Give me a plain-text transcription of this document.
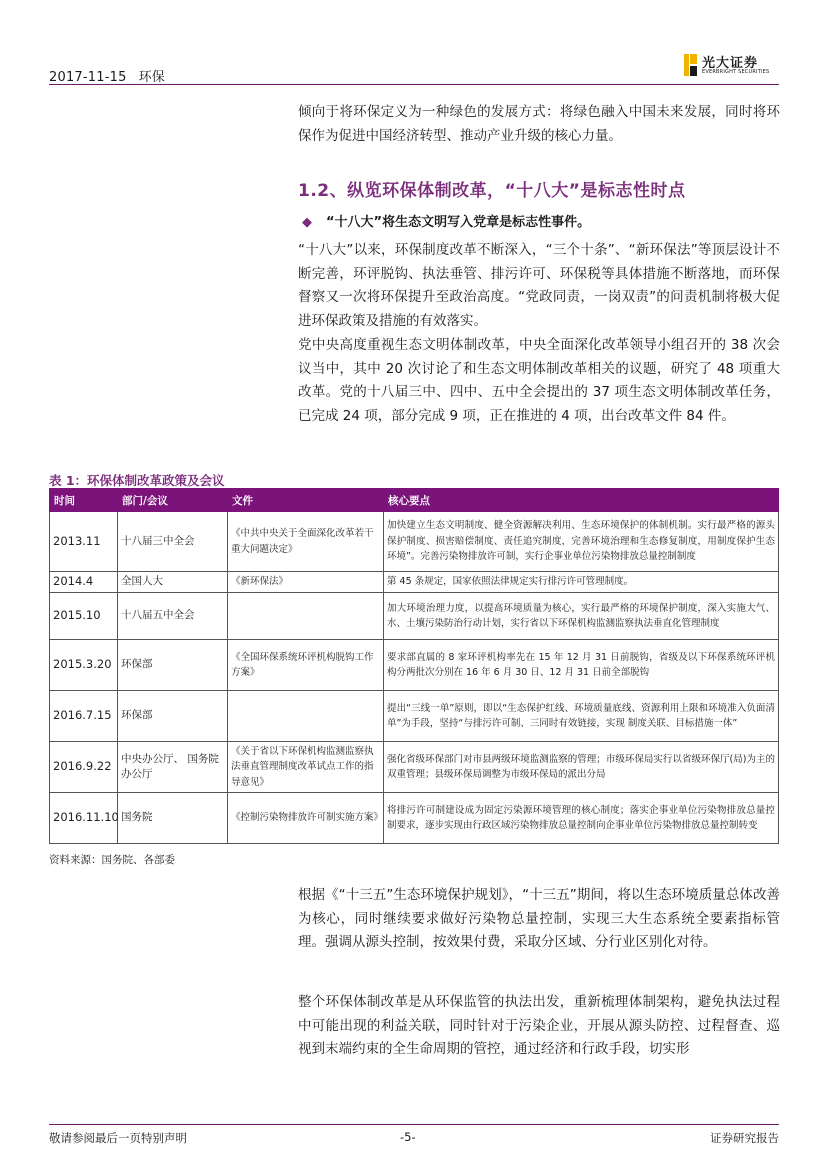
2017-11-15 环保
光大证券
EVERBRIGHT SECURITIES
倾向于将环保定义为一种绿色的发展方式：将绿色融入中国未来发展，同时将环保作为促进中国经济转型、推动产业升级的核心力量。
1.2、纵览环保体制改革，“十八大”是标志性时点
◆ “十八大”将生态文明写入党章是标志性事件。
“十八大”以来，环保制度改革不断深入，“三个十条”、“新环保法”等顶层设计不断完善，环评脱钩、执法垂管、排污许可、环保税等具体措施不断落地，而环保督察又一次将环保提升至政治高度。“党政同责，一岗双责”的问责机制将极大促进环保政策及措施的有效落实。
党中央高度重视生态文明体制改革，中央全面深化改革领导小组召开的 38 次会议当中，其中 20 次讨论了和生态文明体制改革相关的议题，研究了 48 项重大改革。党的十八届三中、四中、五中全会提出的 37 项生态文明体制改革任务，已完成 24 项，部分完成 9 项，正在推进的 4 项，出台改革文件 84 件。
表 1：环保体制改革政策及会议
时间	部门/会议	文件	核心要点
2013.11	十八届三中全会	《中共中央关于全面深化改革若干重大问题决定》	加快建立生态文明制度、健全资源解决利用、生态环境保护的体制机制。实行最严格的源头保护制度、损害赔偿制度、责任追究制度，完善环境治理和生态修复制度，用制度保护生态环境”。完善污染物排放许可制，实行企事业单位污染物排放总量控制制度
2014.4	全国人大	《新环保法》	第 45 条规定，国家依照法律规定实行排污许可管理制度。
2015.10	十八届五中全会		加大环境治理力度，以提高环境质量为核心，实行最严格的环境保护制度，深入实施大气、水、土壤污染防治行动计划，实行省以下环保机构监测监察执法垂直化管理制度
2015.3.20	环保部	《全国环保系统环评机构脱钩工作方案》	要求部直属的 8 家环评机构率先在 15 年 12 月 31 日前脱钩，省级及以下环保系统环评机构分两批次分别在 16 年 6 月 30 日、12 月 31 日前全部脱钩
2016.7.15	环保部		提出“三线一单”原则，即以“生态保护红线、环境质量底线、资源利用上限和环境准入负面清单”为手段，坚持“与排污许可制、三同时有效链接，实现 制度关联、目标措施一体”
2016.9.22	中央办公厅、 国务院办公厅	《关于省以下环保机构监测监察执法垂直管理制度改革试点工作的指导意见》	强化省级环保部门对市县两级环境监测监察的管理；市级环保局实行以省级环保厅(局)为主的双重管理；县级环保局调整为市级环保局的派出分局
2016.11.10	国务院	《控制污染物排放许可制实施方案》	将排污许可制建设成为固定污染源环境管理的核心制度；落实企事业单位污染物排放总量控制要求，逐步实现由行政区域污染物排放总量控制向企事业单位污染物排放总量控制转变
资料来源：国务院、各部委
根据《“十三五”生态环境保护规划》，“十三五”期间，将以生态环境质量总体改善为核心，同时继续要求做好污染物总量控制，实现三大生态系统全要素指标管理。强调从源头控制，按效果付费，采取分区域、分行业区别化对待。
整个环保体制改革是从环保监管的执法出发，重新梳理体制架构，避免执法过程中可能出现的利益关联，同时针对于污染企业，开展从源头防控、过程督查、巡视到末端约束的全生命周期的管控，通过经济和行政手段，切实形
敬请参阅最后一页特别声明	-5-	证券研究报告
